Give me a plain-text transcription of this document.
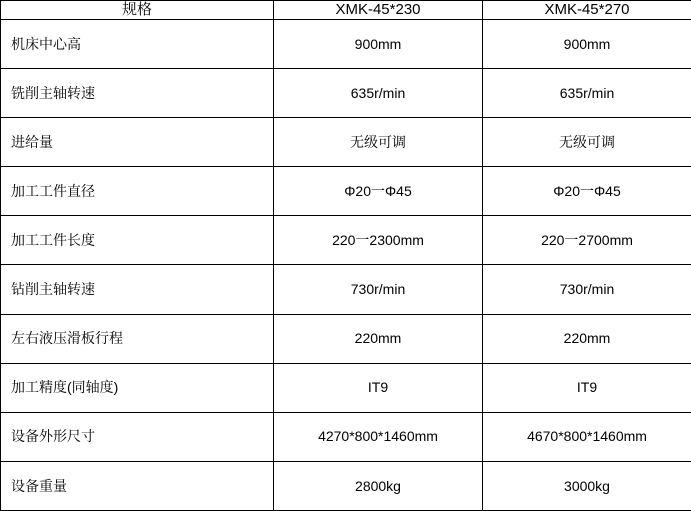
规格	XMK-45*230	XMK-45*270
机床中心高	900mm	900mm
铣削主轴转速	635r/min	635r/min
进给量	无级可调	无级可调
加工工件直径	Φ20一Φ45	Φ20一Φ45
加工工件长度	220一2300mm	220一2700mm
钻削主轴转速	730r/min	730r/min
左右液压滑板行程	220mm	220mm
加工精度(同轴度)	IT9	IT9
设备外形尺寸	4270*800*1460mm	4670*800*1460mm
设备重量	2800kg	3000kg
